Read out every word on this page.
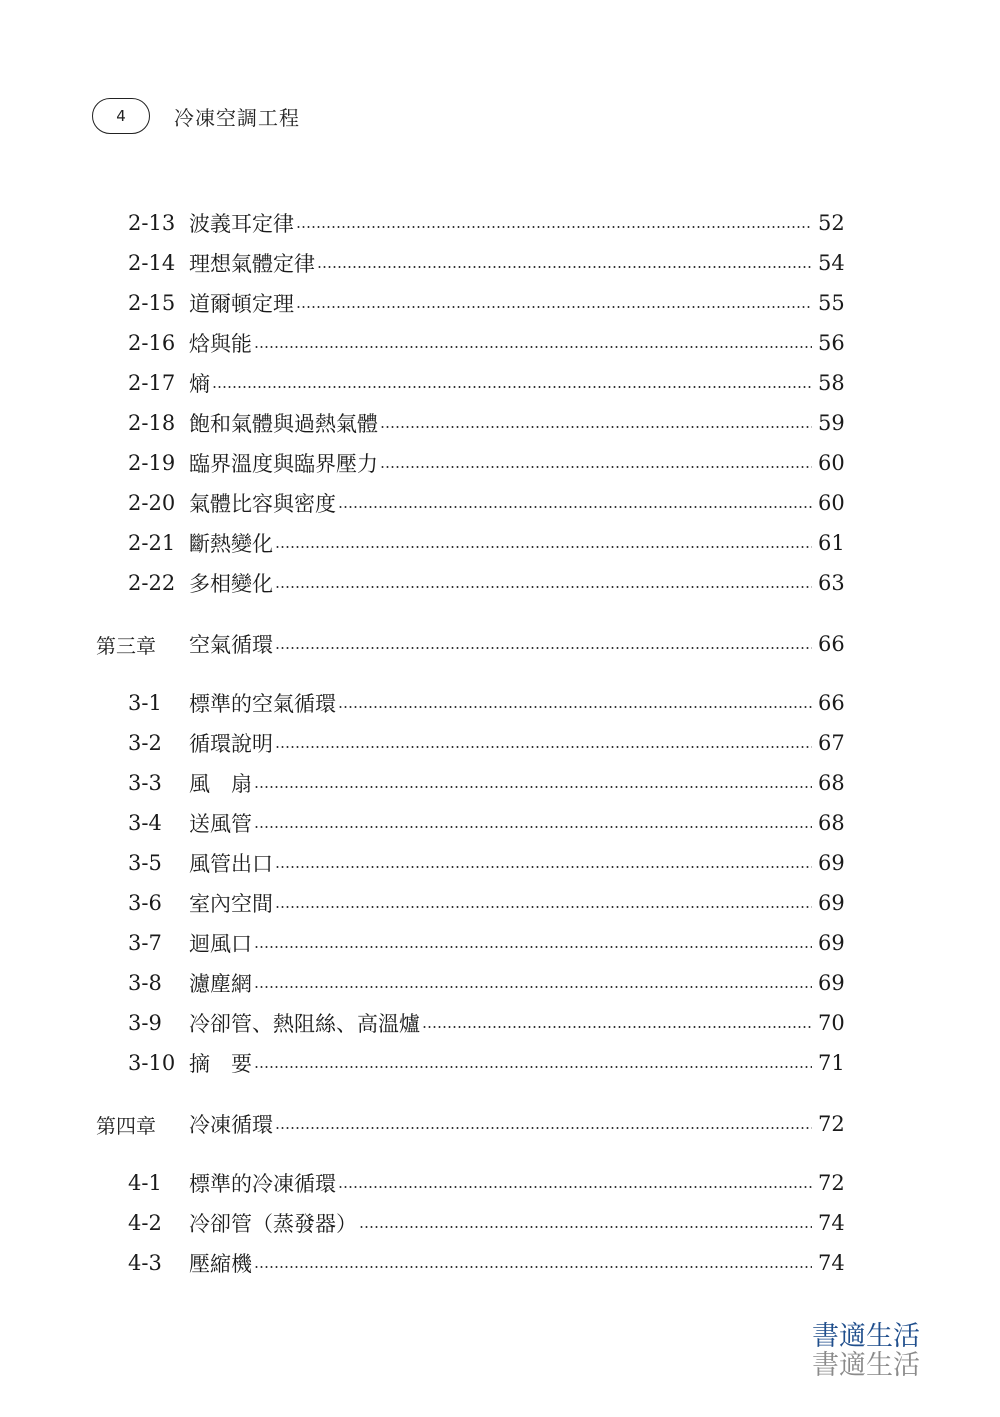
4	冷凍空調工程
2-13 波義耳定律	52
2-14 理想氣體定律	54
2-15 道爾頓定理	55
2-16 焓與能	56
2-17 熵	58
2-18 飽和氣體與過熱氣體	59
2-19 臨界溫度與臨界壓力	60
2-20 氣體比容與密度	60
2-21 斷熱變化	61
2-22 多相變化	63
第三章	空氣循環	66
3-1	標準的空氣循環	66
3-2	循環說明	67
3-3	風　扇	68
3-4	送風管	68
3-5	風管出口	69
3-6	室內空間	69
3-7	迴風口	69
3-8	濾塵網	69
3-9	冷卻管、熱阻絲、高溫爐	70
3-10 摘　要	71
第四章	冷凍循環	72
4-1	標準的冷凍循環	72
4-2	冷卻管（蒸發器）	74
4-3	壓縮機	74
書適生活
書適生活
